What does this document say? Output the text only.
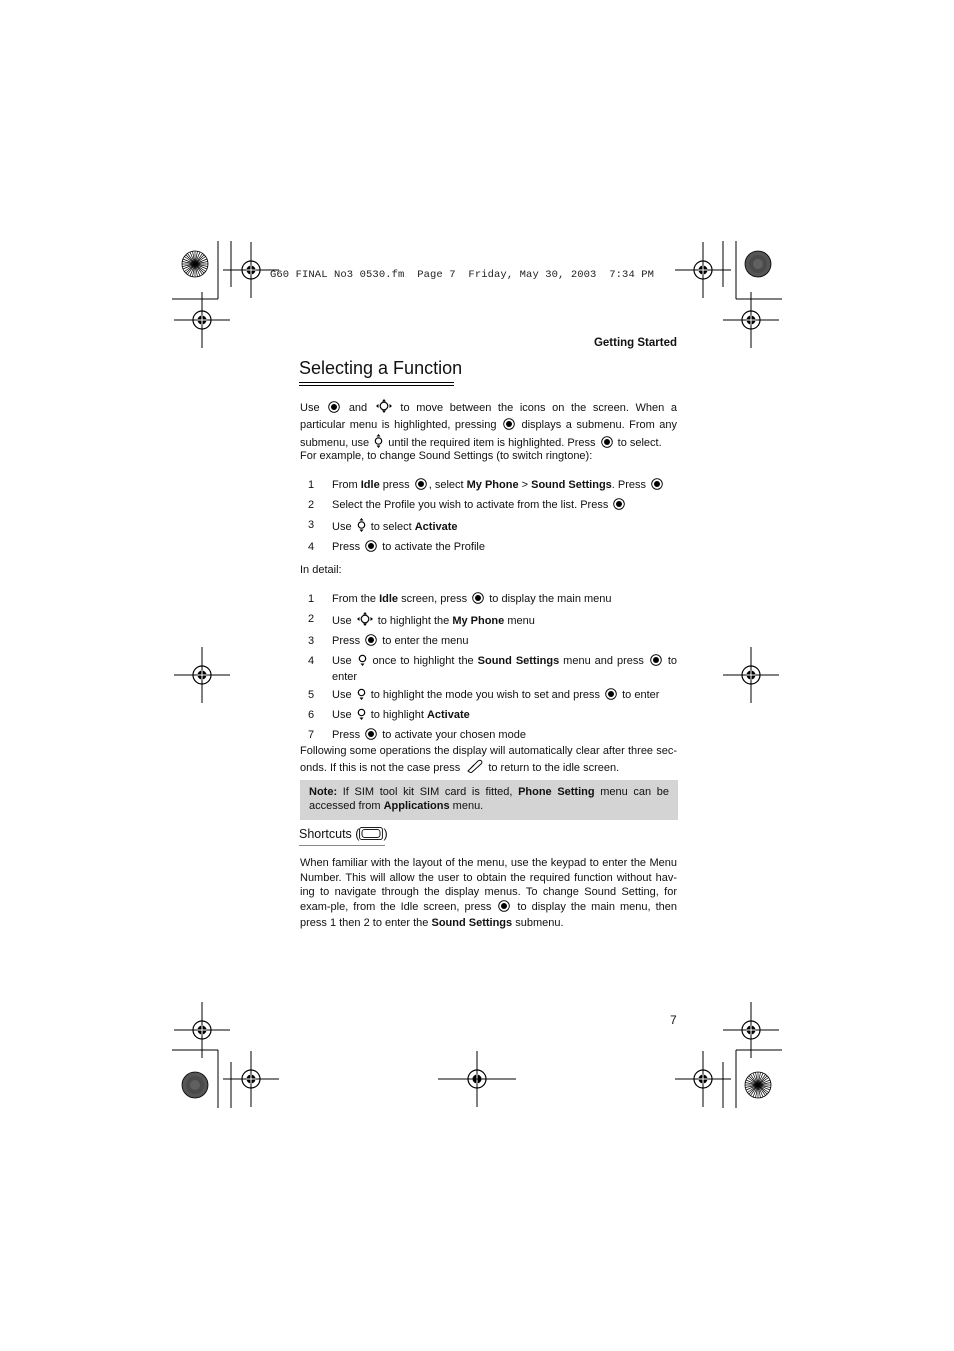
G60 FINAL No3 0530.fm  Page 7  Friday, May 30, 2003  7:34 PM
Getting Started
Selecting a Function

Use	and	to move between the icons on the screen. When a particular menu is highlighted, pressing displays a submenu. From any submenu, use until the required item is highlighted. Press to select.

For example, to change Sound Settings (to switch ringtone):

1 From Idle press , select My Phone > Sound Settings. Press
2 Select the Profile you wish to activate from the list. Press
3 Use to select Activate
4 Press to activate the Profile

In detail:

1 From the Idle screen, press to display the main menu
2 Use to highlight the My Phone menu
3 Press to enter the menu
4 Use once to highlight the Sound Settings menu and press to enter
5 Use to highlight the mode you wish to set and press to enter
6 Use to highlight Activate
7 Press to activate your chosen mode

Following some operations the display will automatically clear after three sec-onds. If this is not the case press	to return to the idle screen.

Note: If SIM tool kit SIM card is fitted, Phone Setting menu can be accessed from Applications menu.
Shortcuts ( )

When familiar with the layout of the menu, use the keypad to enter the Menu Number. This will allow the user to obtain the required function without hav-ing to navigate through the display menus. To change Sound Setting, for exam-ple, from the Idle screen, press to display the main menu, then press 1 then 2 to enter the Sound Settings submenu.

7
